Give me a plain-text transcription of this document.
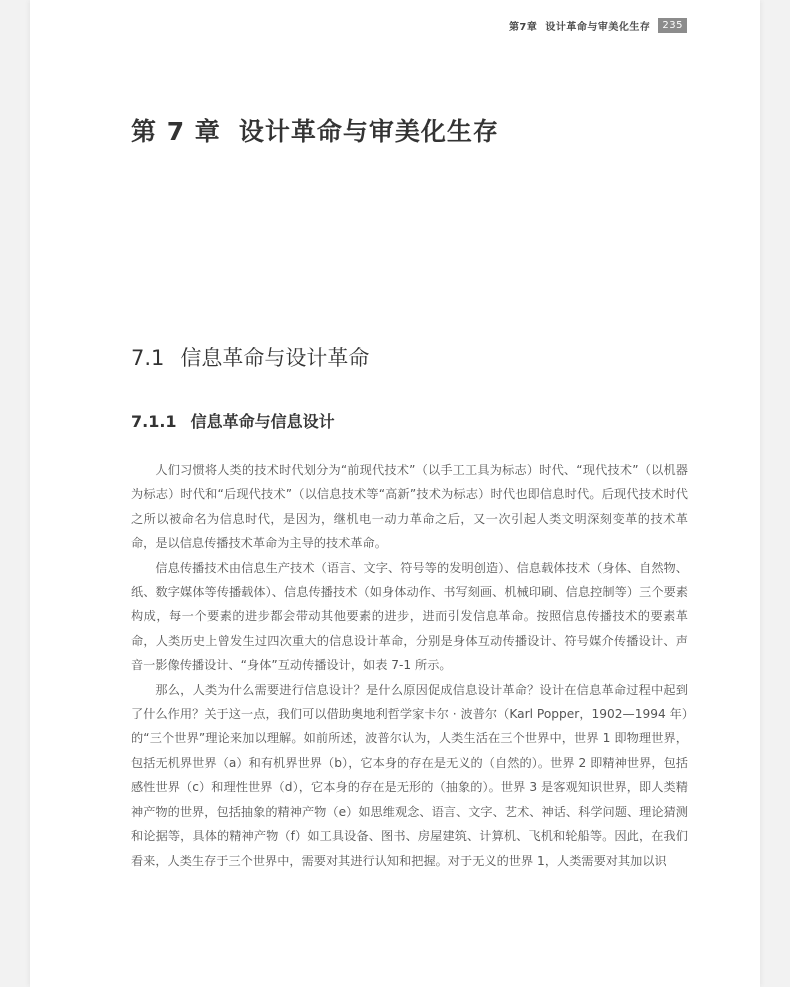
第7章 设计革命与审美化生存	235
第 7 章 设计革命与审美化生存
7.1 信息革命与设计革命
7.1.1 信息革命与信息设计

人们习惯将人类的技术时代划分为“前现代技术”（以手工工具为标志）时代、“现代技术”（以机器为标志）时代和“后现代技术”（以信息技术等“高新”技术为标志）时代也即信息时代。后现代技术时代之所以被命名为信息时代，是因为，继机电一动力革命之后，又一次引起人类文明深刻变革的技术革命，是以信息传播技术革命为主导的技术革命。

信息传播技术由信息生产技术（语言、文字、符号等的发明创造）、信息载体技术（身体、自然物、纸、数字媒体等传播载体）、信息传播技术（如身体动作、书写刻画、机械印刷、信息控制等）三个要素构成，每一个要素的进步都会带动其他要素的进步，进而引发信息革命。按照信息传播技术的要素革命，人类历史上曾发生过四次重大的信息设计革命，分别是身体互动传播设计、符号媒介传播设计、声音一影像传播设计、“身体”互动传播设计，如表 7-1 所示。

那么，人类为什么需要进行信息设计？是什么原因促成信息设计革命？设计在信息革命过程中起到了什么作用？关于这一点，我们可以借助奥地利哲学家卡尔 · 波普尔（Karl Popper，1902—1994 年）的“三个世界”理论来加以理解。如前所述，波普尔认为，人类生活在三个世界中，世界 1 即物理世界，包括无机界世界（a）和有机界世界（b），它本身的存在是无义的（自然的）。世界 2 即精神世界，包括感性世界（c）和理性世界（d），它本身的存在是无形的（抽象的）。世界 3 是客观知识世界，即人类精神产物的世界，包括抽象的精神产物（e）如思维观念、语言、文字、艺术、神话、科学问题、理论猜测和论据等，具体的精神产物（f）如工具设备、图书、房屋建筑、计算机、飞机和轮船等。因此，在我们看来，人类生存于三个世界中，需要对其进行认知和把握。对于无义的世界 1，人类需要对其加以识
